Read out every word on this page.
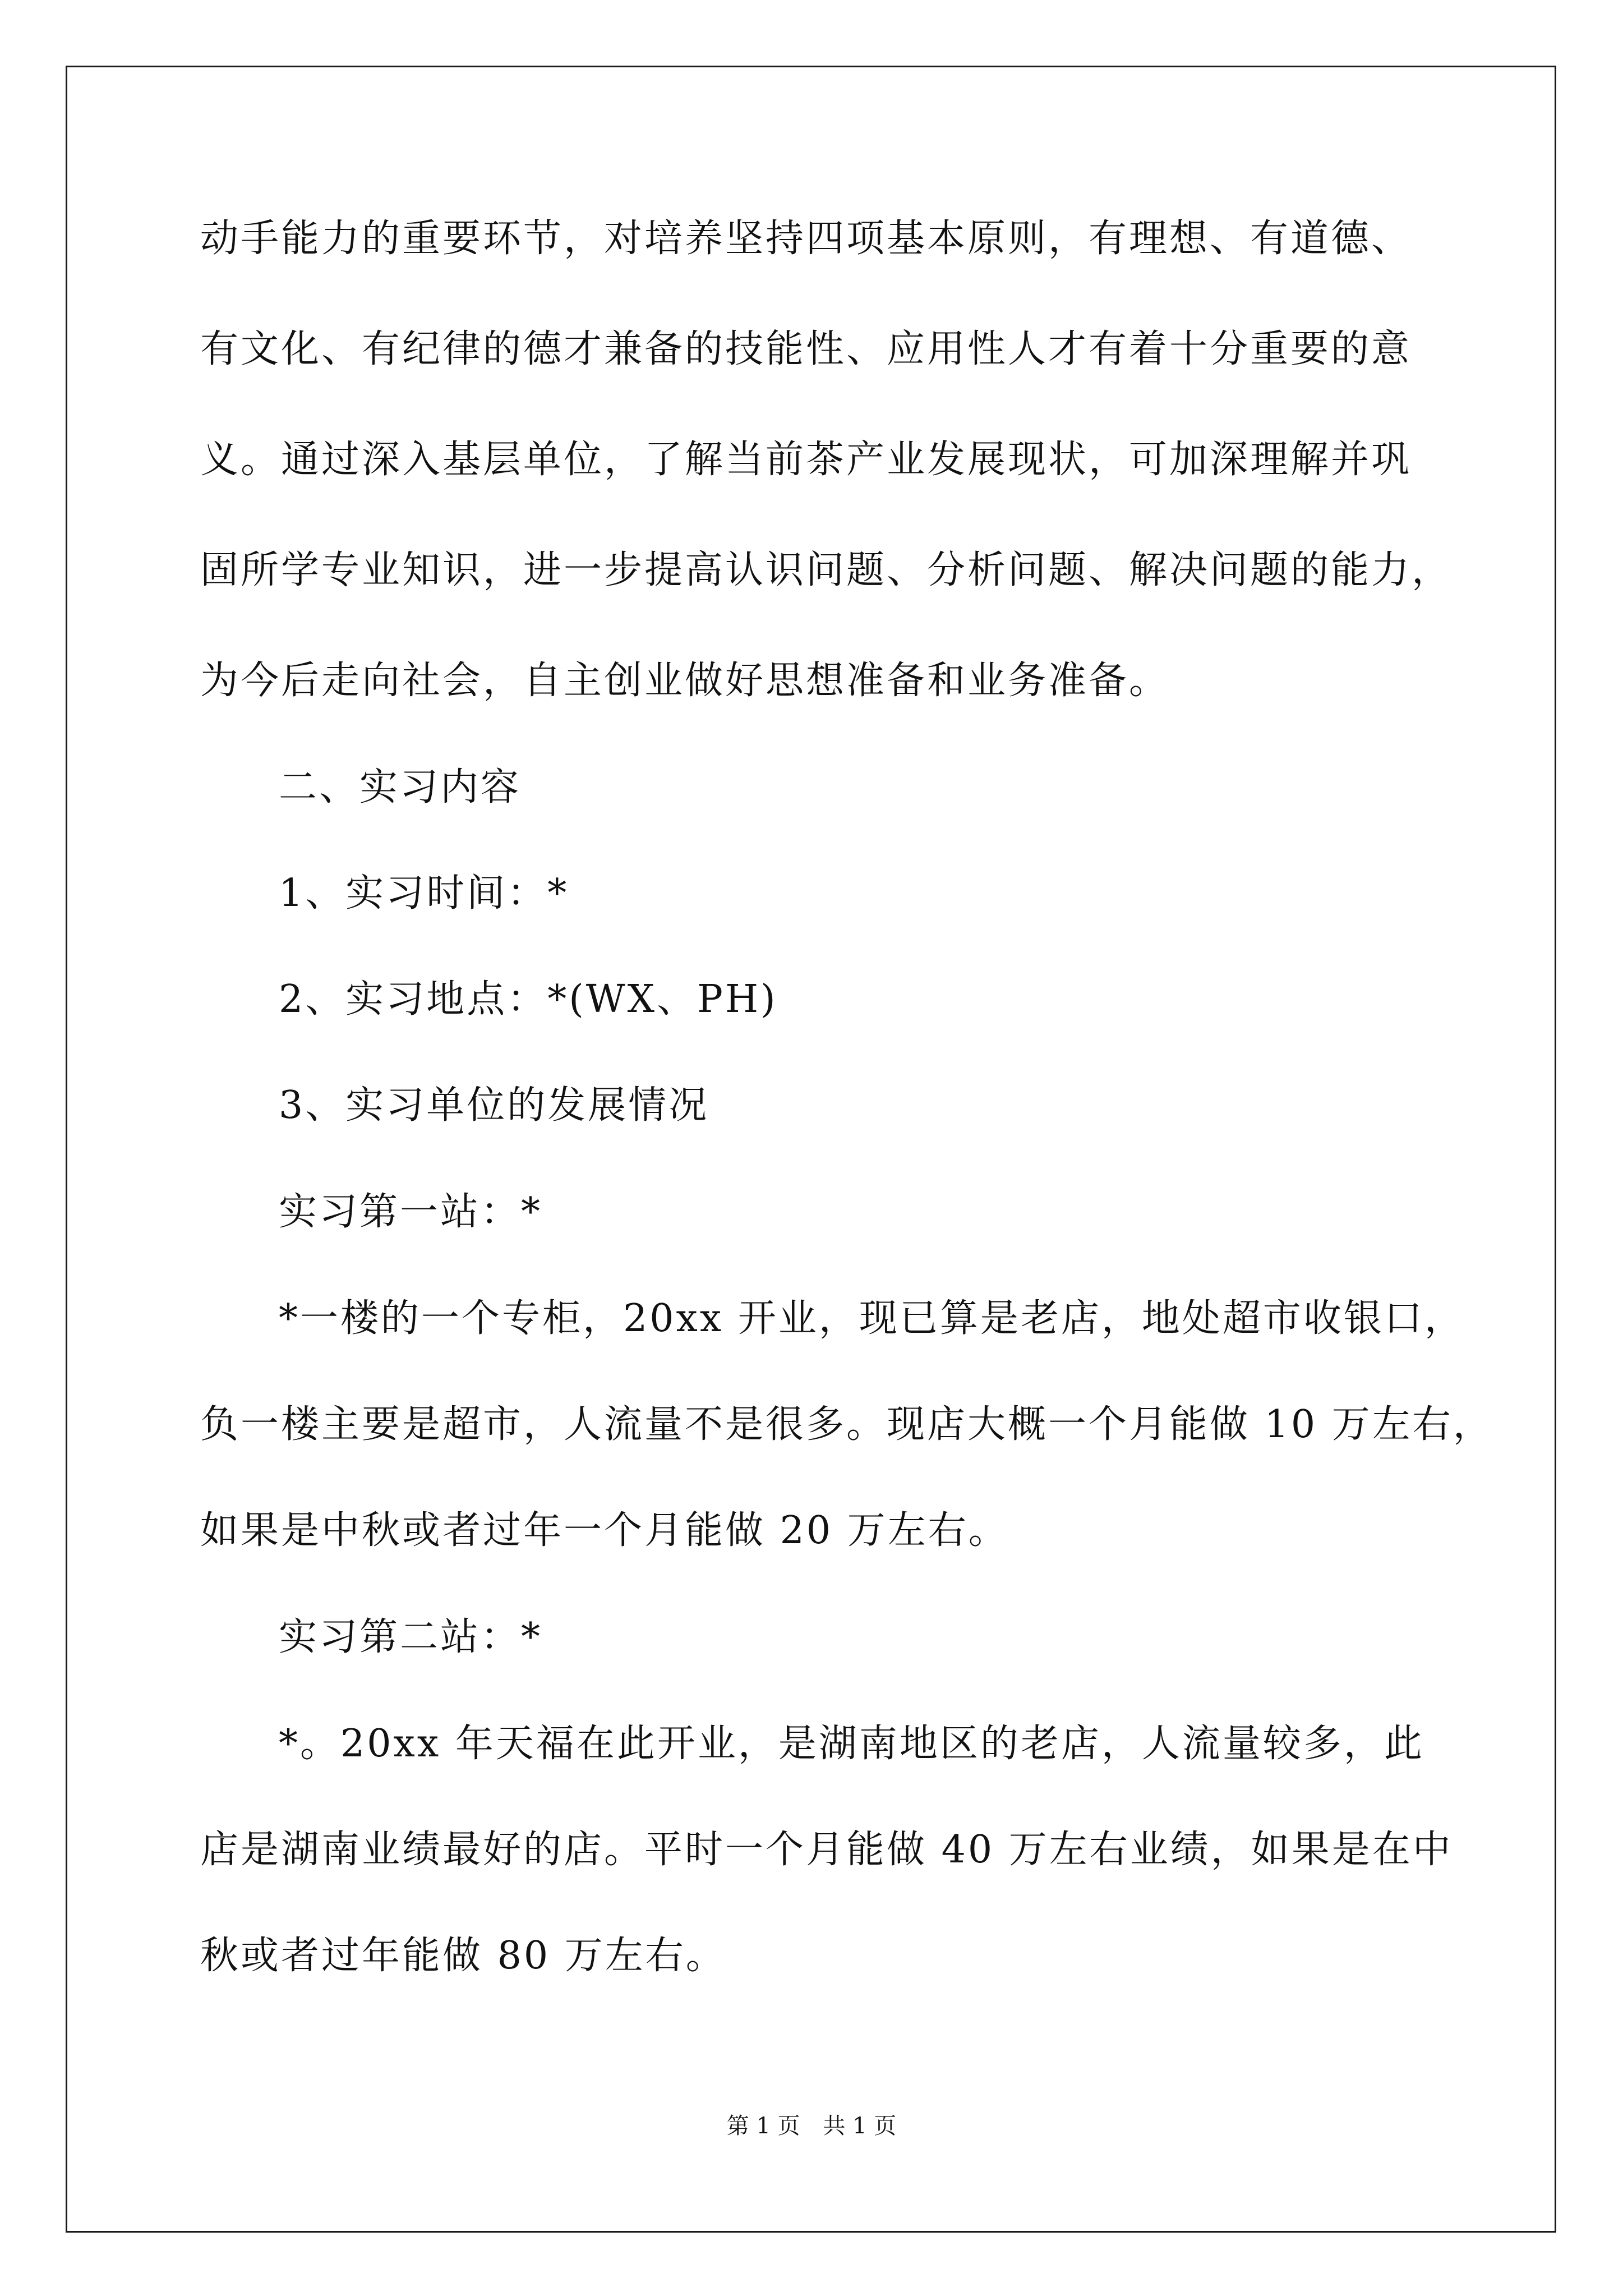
动手能力的重要环节，对培养坚持四项基本原则，有理想、有道德、
有文化、有纪律的德才兼备的技能性、应用性人才有着十分重要的意
义。通过深入基层单位，了解当前茶产业发展现状，可加深理解并巩
固所学专业知识，进一步提高认识问题、分析问题、解决问题的能力，
为今后走向社会，自主创业做好思想准备和业务准备。
二、实习内容
1、实习时间：*
2、实习地点：*(WX、PH)
3、实习单位的发展情况
实习第一站：*
*一楼的一个专柜，20xx 开业，现已算是老店，地处超市收银口，
负一楼主要是超市，人流量不是很多。现店大概一个月能做 10 万左右，
如果是中秋或者过年一个月能做 20 万左右。
实习第二站：*
*。20xx 年天福在此开业，是湖南地区的老店，人流量较多，此
店是湖南业绩最好的店。平时一个月能做 40 万左右业绩，如果是在中
秋或者过年能做 80 万左右。
第 1 页 共 1 页
